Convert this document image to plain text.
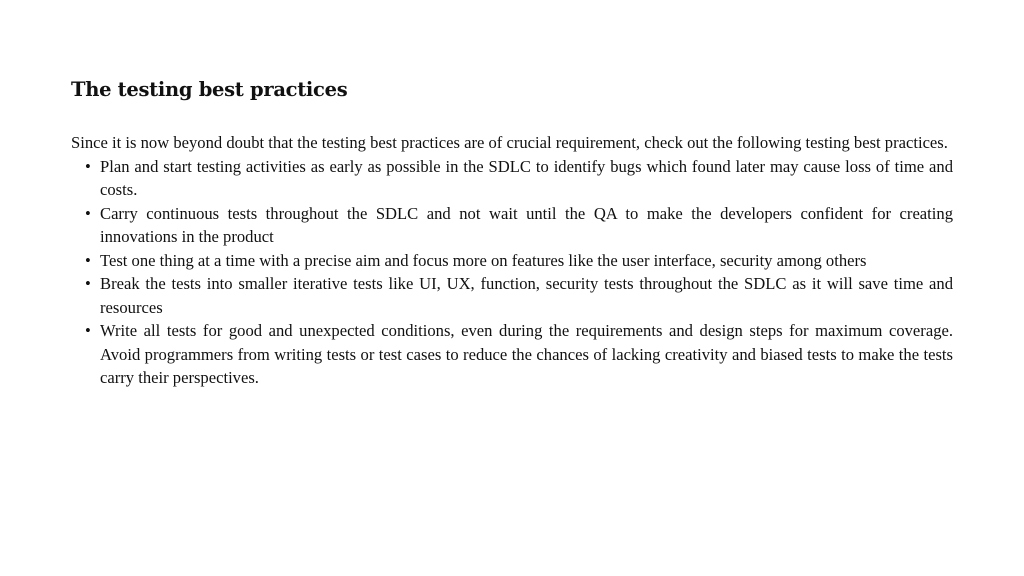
The testing best practices

Since it is now beyond doubt that the testing best practices are of crucial requirement, check out the following testing best practices.

• Plan and start testing activities as early as possible in the SDLC to identify bugs which found later may cause loss of time and costs.
• Carry continuous tests throughout the SDLC and not wait until the QA to make the developers confident for creating innovations in the product
• Test one thing at a time with a precise aim and focus more on features like the user interface, security among others
• Break the tests into smaller iterative tests like UI, UX, function, security tests throughout the SDLC as it will save time and resources
• Write all tests for good and unexpected conditions, even during the requirements and design steps for maximum coverage. Avoid programmers from writing tests or test cases to reduce the chances of lacking creativity and biased tests to make the tests carry their perspectives.
